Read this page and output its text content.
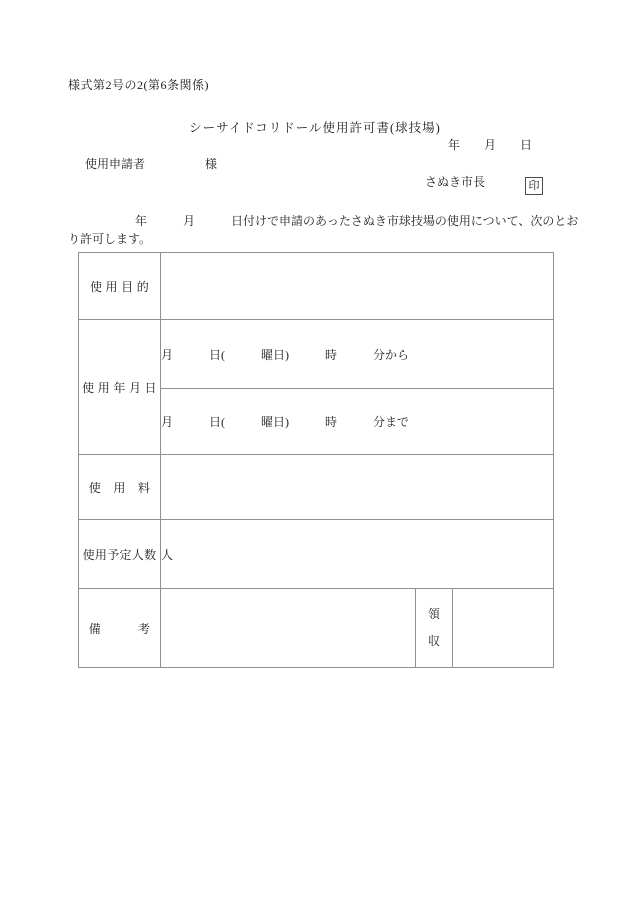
様式第2号の2(第6条関係)
シーサイドコリドール使用許可書(球技場)
年　　月　　日
使用申請者　　　　　様
さぬき市長	印
年　　　月　　　日付けで申請のあったさぬき市球技場の使用について、次のとお
り許可します。
使 用 目 的			

使 用 年 月 日	月　　　日(　　　曜日)　　　時　　　分から		
	月　　　日(　　　曜日)　　　時　　　分まで		

使　用　料			

使用予定人数	人		

備　　　考		領収	
